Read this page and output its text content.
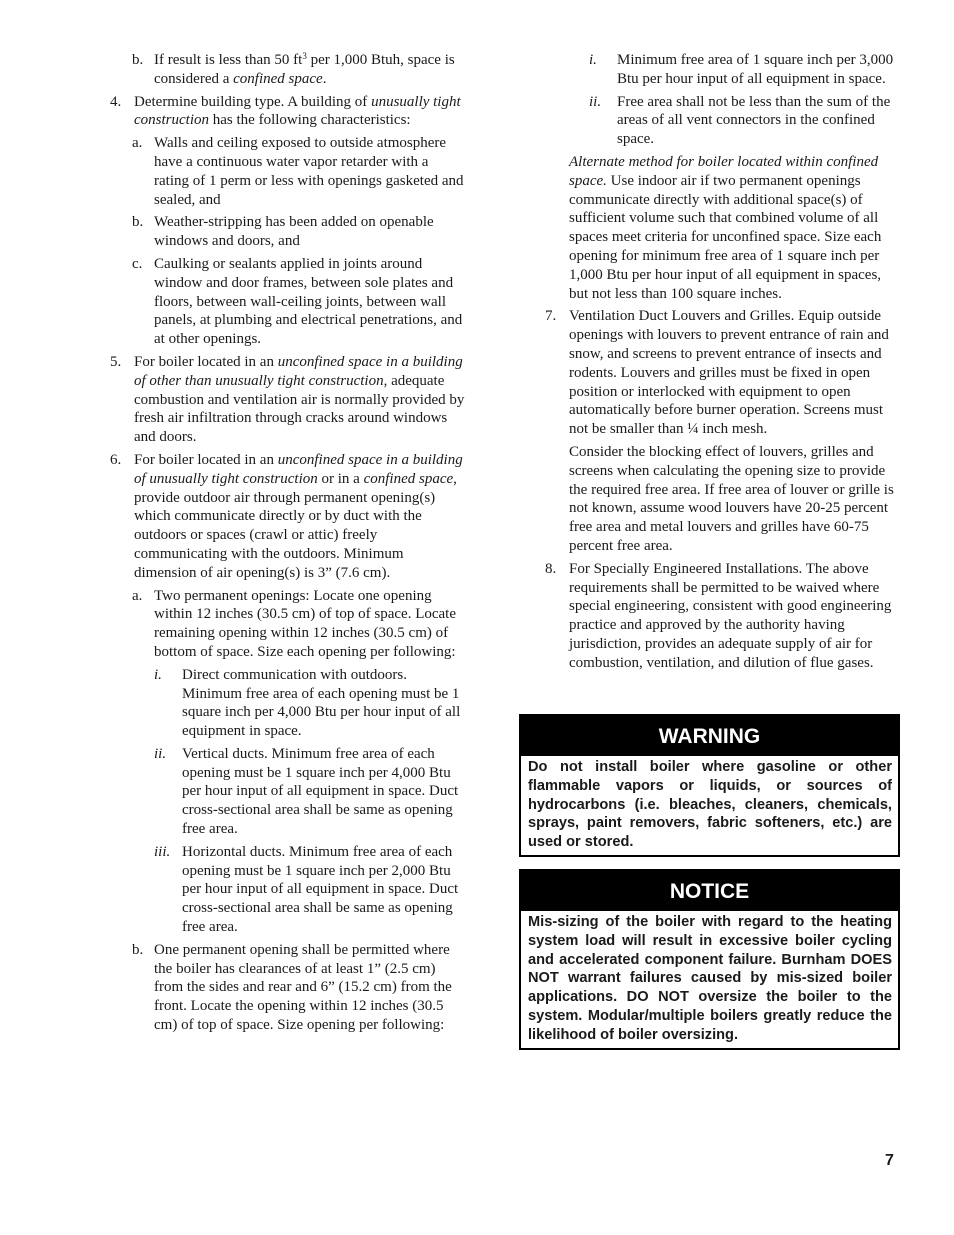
b. If result is less than 50 $ft^3$ per 1,000 Btuh, space is considered a confined space.
4. Determine building type. A building of unusually tight construction has the following characteristics:
a. Walls and ceiling exposed to outside atmosphere have a continuous water vapor retarder with a rating of 1 perm or less with openings gasketed and sealed, and
b. Weather-stripping has been added on openable windows and doors, and
c. Caulking or sealants applied in joints around window and door frames, between sole plates and floors, between wall-ceiling joints, between wall panels, at plumbing and electrical penetrations, and at other openings.
5. For boiler located in an unconfined space in a building of other than unusually tight construction, adequate combustion and ventilation air is normally provided by fresh air infiltration through cracks around windows and doors.
6. For boiler located in an unconfined space in a building of unusually tight construction or in a confined space, provide outdoor air through permanent opening(s) which communicate directly or by duct with the outdoors or spaces (crawl or attic) freely communicating with the outdoors. Minimum dimension of air opening(s) is 3” (7.6 cm).
a. Two permanent openings: Locate one opening within 12 inches (30.5 cm) of top of space. Locate remaining opening within 12 inches (30.5 cm) of bottom of space. Size each opening per following:
i. Direct communication with outdoors. Minimum free area of each opening must be 1 square inch per 4,000 Btu per hour input of all equipment in space.
ii. Vertical ducts. Minimum free area of each opening must be 1 square inch per 4,000 Btu per hour input of all equipment in space. Duct cross-sectional area shall be same as opening free area.
iii. Horizontal ducts. Minimum free area of each opening must be 1 square inch per 2,000 Btu per hour input of all equipment in space. Duct cross-sectional area shall be same as opening free area.
b. One permanent opening shall be permitted where the boiler has clearances of at least 1” (2.5 cm) from the sides and rear and 6” (15.2 cm) from the front. Locate the opening within 12 inches (30.5 cm) of top of space. Size opening per following:
i. Minimum free area of 1 square inch per 3,000 Btu per hour input of all equipment in space.
ii. Free area shall not be less than the sum of the areas of all vent connectors in the confined space.
Alternate method for boiler located within confined space. Use indoor air if two permanent openings communicate directly with additional space(s) of sufficient volume such that combined volume of all spaces meet criteria for unconfined space. Size each opening for minimum free area of 1 square inch per 1,000 Btu per hour input of all equipment in spaces, but not less than 100 square inches.
7. Ventilation Duct Louvers and Grilles. Equip outside openings with louvers to prevent entrance of rain and snow, and screens to prevent entrance of insects and rodents. Louvers and grilles must be fixed in open position or interlocked with equipment to open automatically before burner operation. Screens must not be smaller than ¼ inch mesh.
Consider the blocking effect of louvers, grilles and screens when calculating the opening size to provide the required free area. If free area of louver or grille is not known, assume wood louvers have 20-25 percent free area and metal louvers and grilles have 60-75 percent free area.
8. For Specially Engineered Installations. The above requirements shall be permitted to be waived where special engineering, consistent with good engineering practice and approved by the authority having jurisdiction, provides an adequate supply of air for combustion, ventilation, and dilution of flue gases.
WARNING
Do not install boiler where gasoline or other flammable vapors or liquids, or sources of hydrocarbons (i.e. bleaches, cleaners, chemicals, sprays, paint removers, fabric softeners, etc.) are used or stored.
NOTICE
Mis-sizing of the boiler with regard to the heating system load will result in excessive boiler cycling and accelerated component failure. Burnham DOES NOT warrant failures caused by mis-sized boiler applications. DO NOT oversize the boiler to the system. Modular/multiple boilers greatly reduce the likelihood of boiler oversizing.
7
